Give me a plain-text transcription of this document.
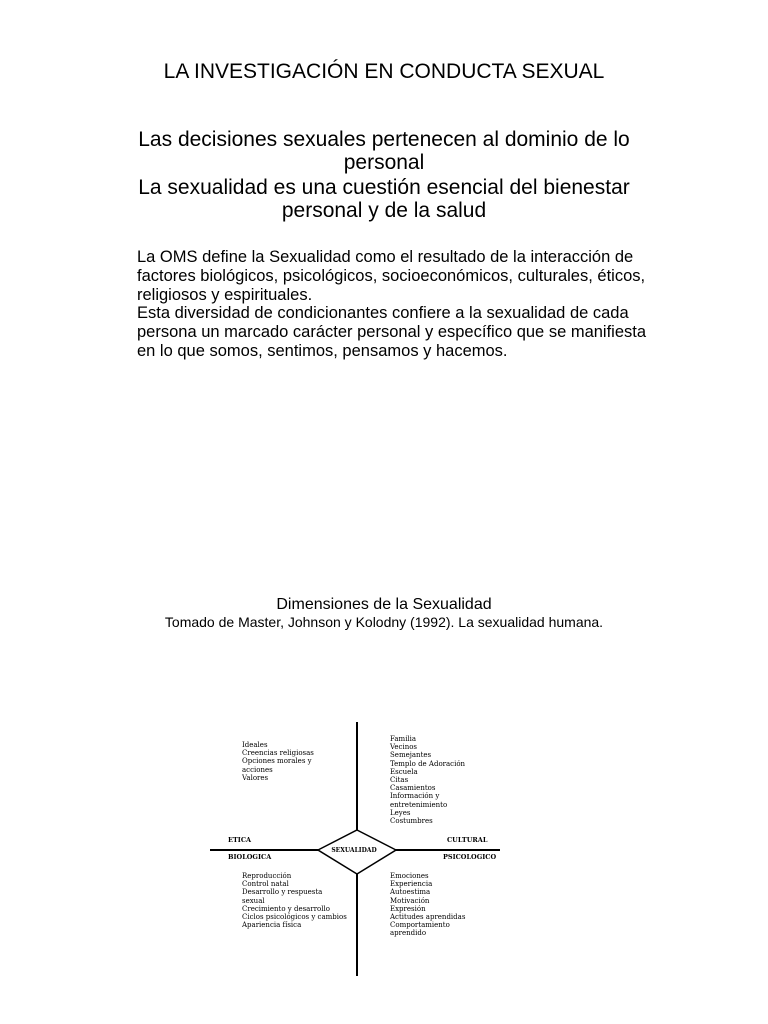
LA INVESTIGACIÓN EN CONDUCTA SEXUAL

Las decisiones sexuales pertenecen al dominio de lo personal

La sexualidad es una cuestión esencial del bienestar personal y de la salud

La OMS define la Sexualidad como el resultado de la interacción de factores biológicos, psicológicos, socioeconómicos, culturales, éticos, religiosos y espirituales.

Esta diversidad de condicionantes confiere a la sexualidad de cada persona un marcado carácter personal y específico que se manifiesta en lo que somos, sentimos, pensamos y hacemos.

Dimensiones de la Sexualidad

Tomado de Master, Johnson y Kolodny (1992). La sexualidad humana.

Ideales
Creencias religiosas
Opciones morales y
acciones
Valores
Familia
Vecinos
Semejantes
Templo de Adoración
Escuela
Citas
Casamientos
Información y
entretenimiento
Leyes
Costumbres
Reproducción
Control natal
Desarrollo y respuesta
sexual
Crecimiento y desarrollo
Ciclos psicológicos y cambios
Apariencia física
Emociones
Experiencia
Autoestima
Motivación
Expresión
Actitudes aprendidas
Comportamiento
aprendido
ETICA
BIOLOGICA
CULTURAL
PSICOLOGICO
SEXUALIDAD
